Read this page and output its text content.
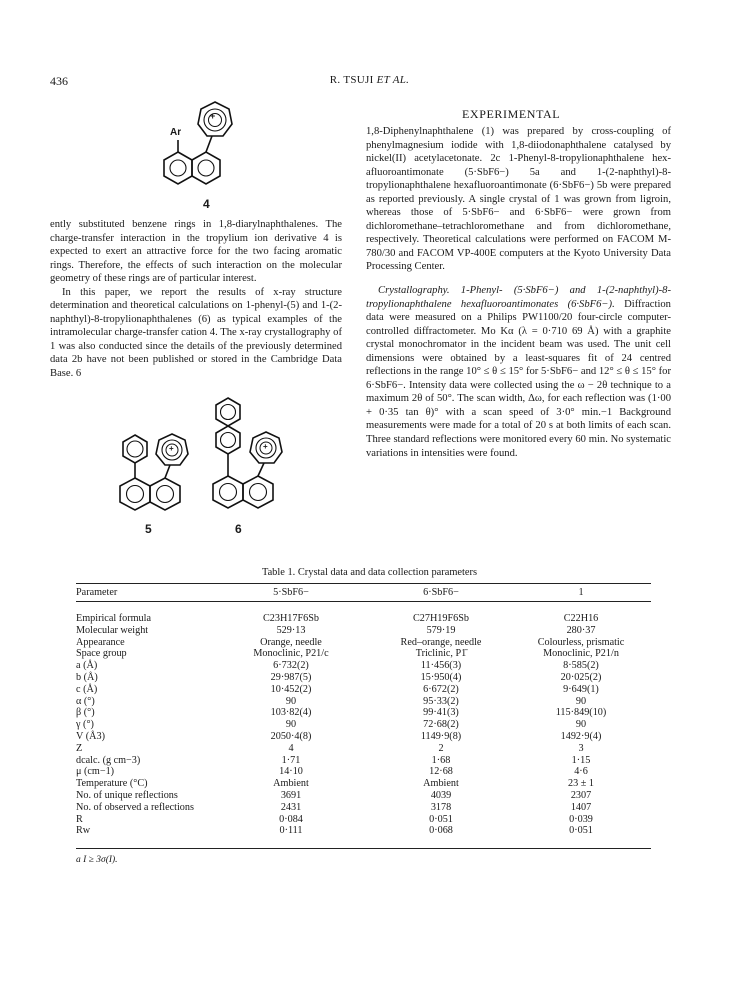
436	R. TSUJI ET AL.
+
Ar
4

ently substituted benzene rings in 1,8-diarylnaphthalenes. The charge-transfer interaction in the tropylium ion derivative 4 is expected to exert an attractive force for the two facing aromatic rings. Therefore, the effects of such interaction on the molecular geometry of these rings are of particular interest.

In this paper, we report the results of x-ray structure determination and theoretical calculations on 1-phenyl-(5) and 1-(2-naphthyl)-8-tropylionaphthalenes (6) as typical examples of the intramolecular charge-transfer cation 4. The x-ray crystallography of 1 was also conducted since the details of the previously determined data 2b have not been published or stored in the Cambridge Data Base. 6

+
5
+
6
EXPERIMENTAL

1,8-Diphenylnaphthalene (1) was prepared by cross-coupling of phenylmagnesium iodide with 1,8-diiodonaphthalene catalysed by nickel(II) acetylacetonate. 2c 1-Phenyl-8-tropylionaphthalene hexafluoroantimonate (5·SbF6−) 5a and 1-(2-naphthyl)-8-tropylionaphthalene hexafluoroantimonate (6·SbF6−) 5b were prepared as reported previously. A single crystal of 1 was grown from ligroin, whereas those of 5·SbF6− and 6·SbF6− were grown from dichloromethane–tetrachloromethane and from dichloromethane, respectively. Theoretical calculations were performed on FACOM M-780/30 and FACOM VP-400E computers at the Kyoto University Data Processing Center.

Crystallography. 1-Phenyl- (5·SbF6−) and 1-(2-naphthyl)-8-tropylionaphthalene hexafluoroantimonates (6·SbF6−). Diffraction data were measured on a Philips PW1100/20 four-circle computer-controlled diffractometer. Mo Kα (λ = 0·710 69 Å) with a graphite crystal monochromator in the incident beam was used. The unit cell dimensions were obtained by a least-squares fit of 24 centred reflections in the range 10° ≤ θ ≤ 15° for 5·SbF6− and 12° ≤ θ ≤ 15° for 6·SbF6−. Intensity data were collected using the ω − 2θ technique to a maximum 2θ of 50°. The scan width, Δω, for each reflection was (1·00 + 0·35 tan θ)° with a scan speed of 3·0° min.−1 Background measurements were made for a total of 20 s at both limits of each scan. Three standard reflections were monitored every 60 min. No systematic variations in intensities were found.

Table 1. Crystal data and data collection parameters
Parameter	5·SbF6−	6·SbF6−	1
Empirical formula	C23H17F6Sb	C27H19F6Sb	C22H16
Molecular weight	529·13	579·19	280·37
Appearance	Orange, needle	Red–orange, needle	Colourless, prismatic
Space group	Monoclinic, P21/c	Triclinic, P1̄	Monoclinic, P21/n
a (Å)	6·732(2)	11·456(3)	8·585(2)
b (Å)	29·987(5)	15·950(4)	20·025(2)
c (Å)	10·452(2)	6·672(2)	9·649(1)
α (°)	90	95·33(2)	90
β (°)	103·82(4)	99·41(3)	115·849(10)
γ (°)	90	72·68(2)	90
V (Å3)	2050·4(8)	1149·9(8)	1492·9(4)
Z	4	2	3
dcalc. (g cm−3)	1·71	1·68	1·15
μ (cm−1)	14·10	12·68	4·6
Temperature (°C)	Ambient	Ambient	23 ± 1
No. of unique reflections	3691	4039	2307
No. of observed a reflections	2431	3178	1407
R	0·084	0·051	0·039
Rw	0·111	0·068	0·051
a I ≥ 3σ(I).
